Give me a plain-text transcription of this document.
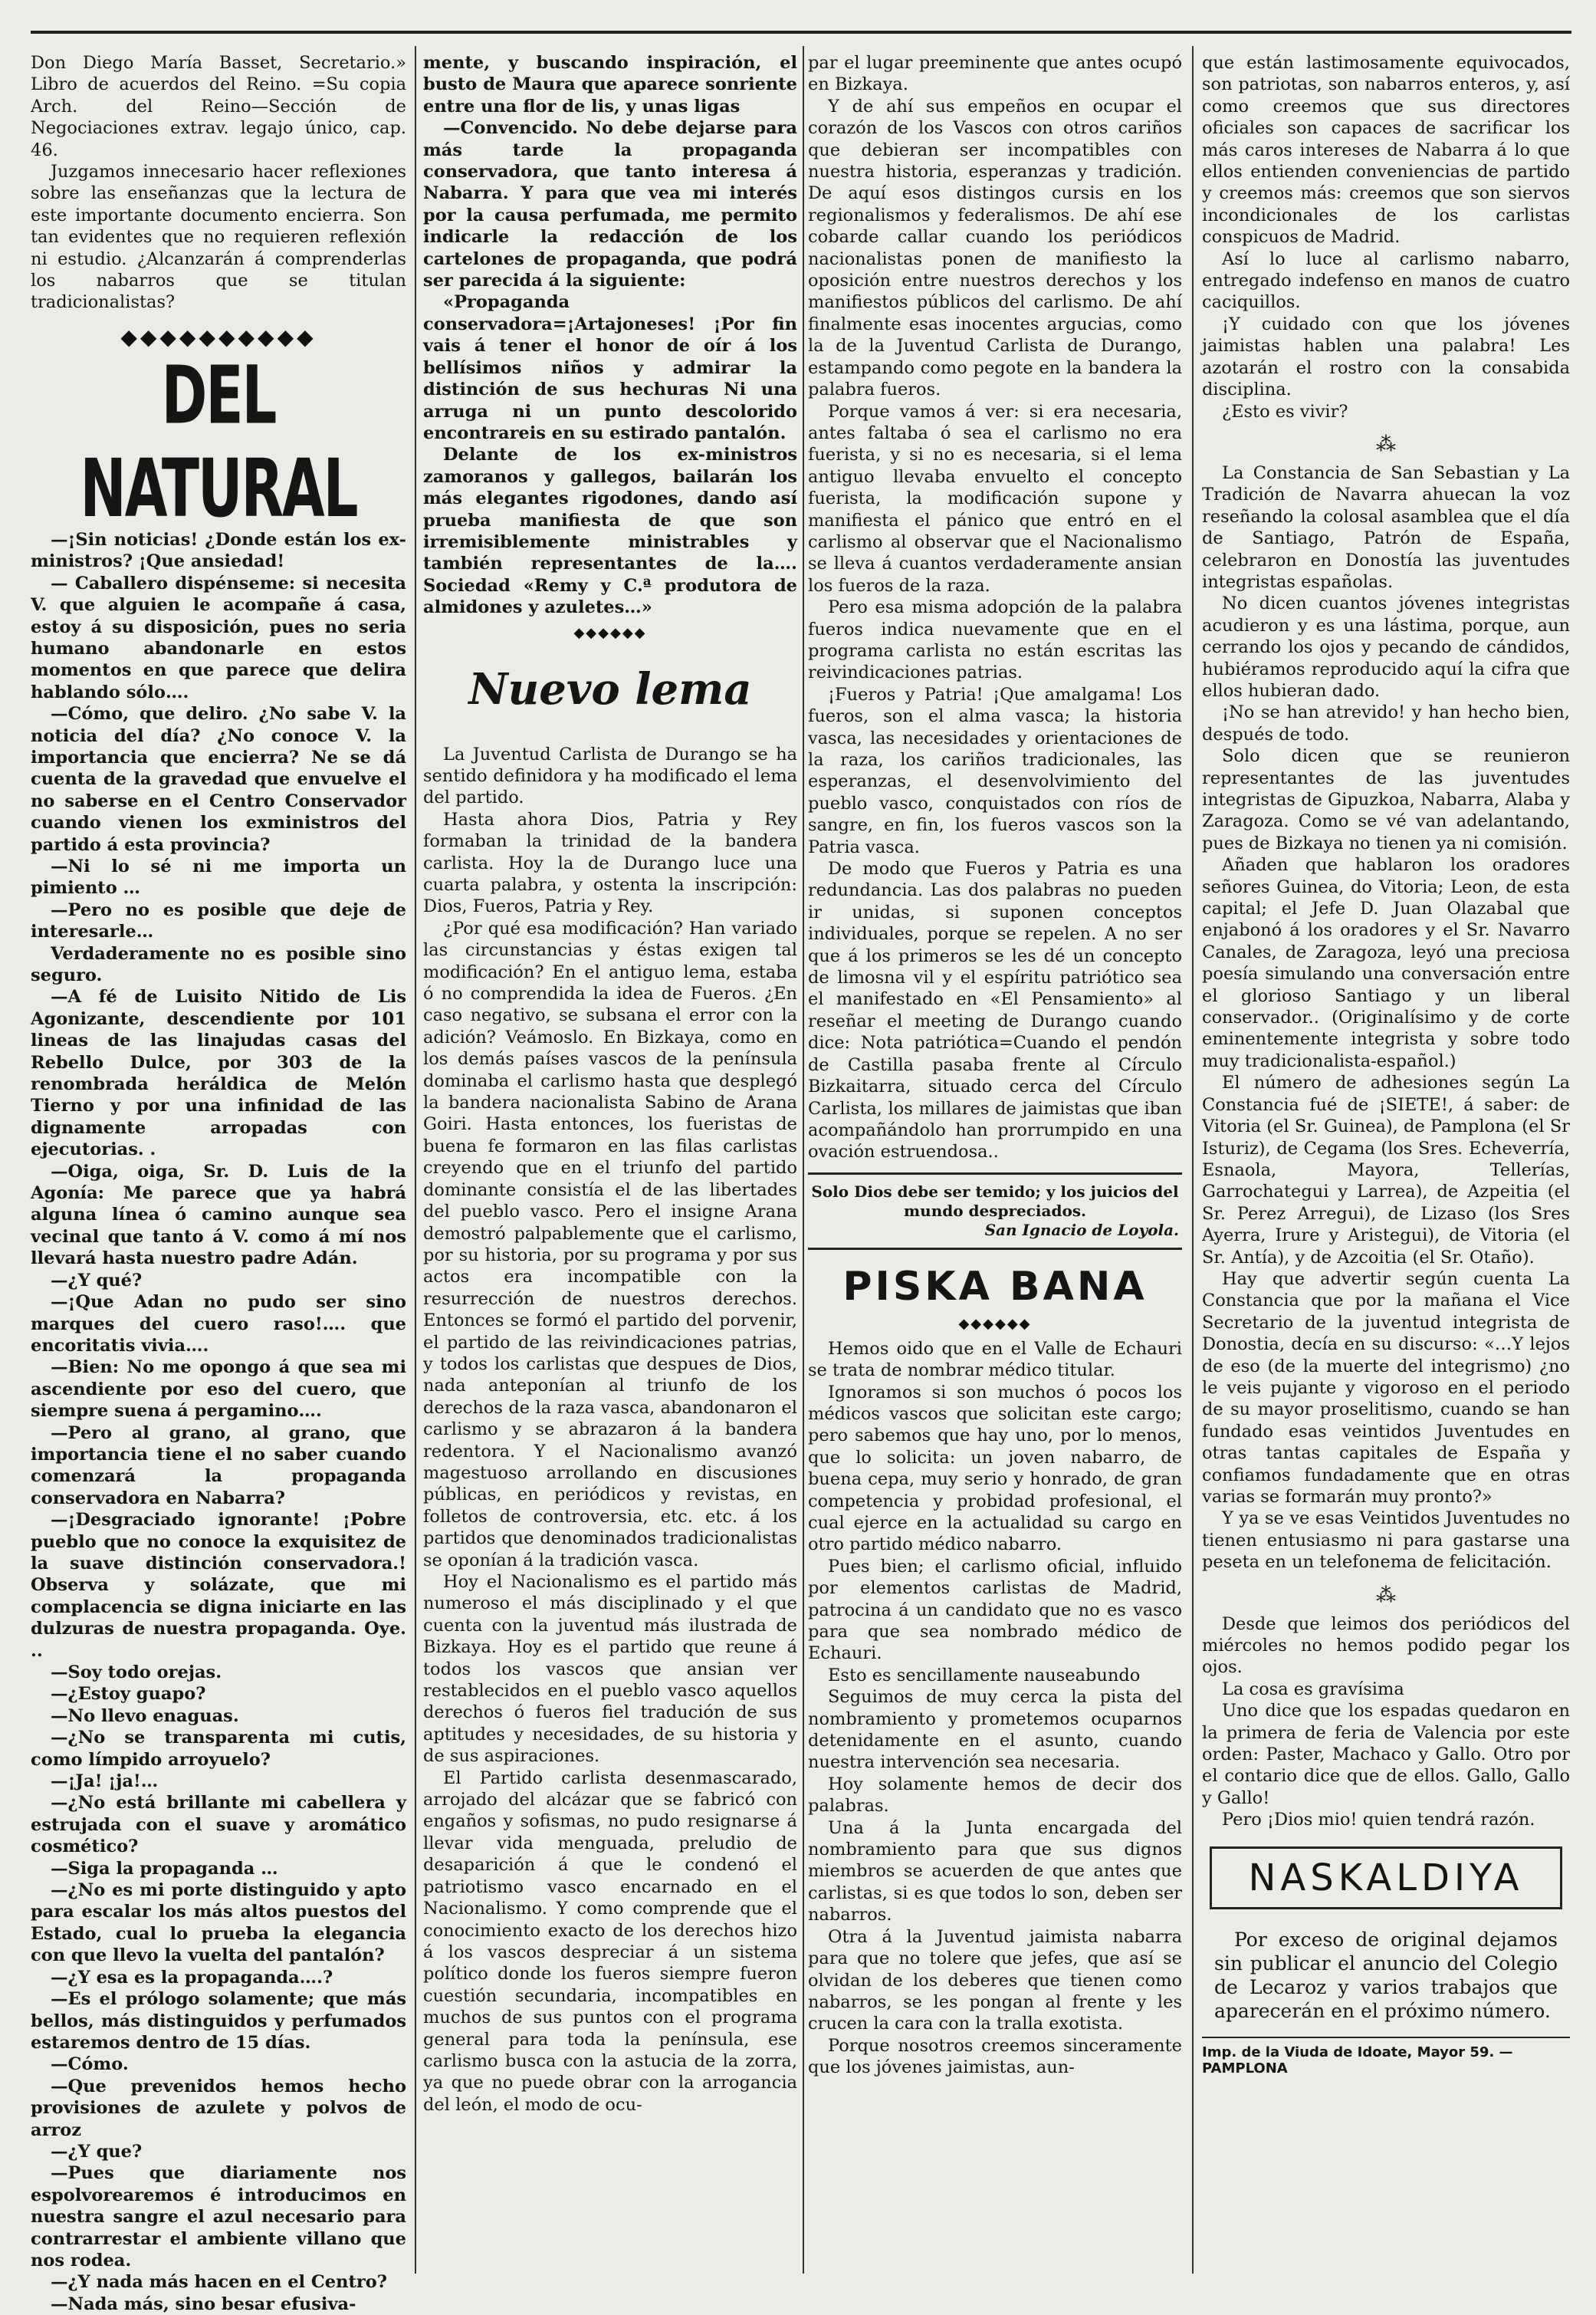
Don Diego María Basset, Secretario.» Libro de acuerdos del Reino. =Su copia Arch. del Reino—Sección de Negociaciones extrav. legajo único, cap. 46.

Juzgamos innecesario hacer reflexiones sobre las enseñanzas que la lectura de este importante documento encierra. Son tan evidentes que no requieren reflexión ni estudio. ¿Alcanzarán á comprenderlas los nabarros que se titulan tradicionalistas?

◆◆◆◆◆◆◆◆◆◆
DEL NATURAL

—¡Sin noticias! ¿Donde están los ex-ministros? ¡Que ansiedad!

— Caballero dispénseme: si necesita V. que alguien le acompañe á casa, estoy á su disposición, pues no seria humano abandonarle en estos momentos en que parece que delira hablando sólo….

—Cómo, que deliro. ¿No sabe V. la noticia del día? ¿No conoce V. la importancia que encierra? Ne se dá cuenta de la gravedad que envuelve el no saberse en el Centro Conservador cuando vienen los exministros del partido á esta provincia?

—Ni lo sé ni me importa un pimiento …

—Pero no es posible que deje de interesarle…

Verdaderamente no es posible sino seguro.

—A fé de Luisito Nitido de Lis Agonizante, descendiente por 101 lineas de las linajudas casas del Rebello Dulce, por 303 de la renombrada heráldica de Melón Tierno y por una infinidad de las dignamente arropadas con ejecutorias. .

—Oiga, oiga, Sr. D. Luis de la Agonía: Me parece que ya habrá alguna línea ó camino aunque sea vecinal que tanto á V. como á mí nos llevará hasta nuestro padre Adán.

—¿Y qué?

—¡Que Adan no pudo ser sino marques del cuero raso!…. que encoritatis vivia….

—Bien: No me opongo á que sea mi ascendiente por eso del cuero, que siempre suena á pergamino….

—Pero al grano, al grano, que importancia tiene el no saber cuando comenzará la propaganda conservadora en Nabarra?

—¡Desgraciado ignorante! ¡Pobre pueblo que no conoce la exquisitez de la suave distinción conservadora.! Observa y solázate, que mi complacencia se digna iniciarte en las dulzuras de nuestra propaganda. Oye. ..

—Soy todo orejas.

—¿Estoy guapo?

—No llevo enaguas.

—¿No se transparenta mi cutis, como límpido arroyuelo?

—¡Ja! ¡ja!…

—¿No está brillante mi cabellera y estrujada con el suave y aromático cosmético?

—Siga la propaganda …

—¿No es mi porte distinguido y apto para escalar los más altos puestos del Estado, cual lo prueba la elegancia con que llevo la vuelta del pantalón?

—¿Y esa es la propaganda….?

—Es el prólogo solamente; que más bellos, más distinguidos y perfumados estaremos dentro de 15 días.

—Cómo.

—Que prevenidos hemos hecho provisiones de azulete y polvos de arroz

—¿Y que?

—Pues que diariamente nos espolvorearemos é introducimos en nuestra sangre el azul necesario para contrarrestar el ambiente villano que nos rodea.

—¿Y nada más hacen en el Centro?

—Nada más, sino besar efusiva-

mente, y buscando inspiración, el busto de Maura que aparece sonriente entre una flor de lis, y unas ligas

—Convencido. No debe dejarse para más tarde la propaganda conservadora, que tanto interesa á Nabarra. Y para que vea mi interés por la causa perfumada, me permito indicarle la redacción de los cartelones de propaganda, que podrá ser parecida á la siguiente:

«Propaganda conservadora=¡Artajoneses! ¡Por fin vais á tener el honor de oír á los bellísimos niños y admirar la distinción de sus hechuras Ni una arruga ni un punto descolorido encontrareis en su estirado pantalón.

Delante de los ex-ministros zamoranos y gallegos, bailarán los más elegantes rigodones, dando así prueba manifiesta de que son irremisiblemente ministrables y también representantes de la…. Sociedad «Remy y C.ª produtora de almidones y azuletes…»

◆◆◆◆◆◆
Nuevo lema

La Juventud Carlista de Durango se ha sentido definidora y ha modificado el lema del partido.

Hasta ahora Dios, Patria y Rey formaban la trinidad de la bandera carlista. Hoy la de Durango luce una cuarta palabra, y ostenta la inscripción: Dios, Fueros, Patria y Rey.

¿Por qué esa modificación? Han variado las circunstancias y éstas exigen tal modificación? En el antiguo lema, estaba ó no comprendida la idea de Fueros. ¿En caso negativo, se subsana el error con la adición? Veámoslo. En Bizkaya, como en los demás países vascos de la península dominaba el carlismo hasta que desplegó la bandera nacionalista Sabino de Arana Goiri. Hasta entonces, los fueristas de buena fe formaron en las filas carlistas creyendo que en el triunfo del partido dominante consistía el de las libertades del pueblo vasco. Pero el insigne Arana demostró palpablemente que el carlismo, por su historia, por su programa y por sus actos era incompatible con la resurrección de nuestros derechos. Entonces se formó el partido del porvenir, el partido de las reivindicaciones patrias, y todos los carlistas que despues de Dios, nada anteponían al triunfo de los derechos de la raza vasca, abandonaron el carlismo y se abrazaron á la bandera redentora. Y el Nacionalismo avanzó magestuoso arrollando en discusiones públicas, en periódicos y revistas, en folletos de controversia, etc. etc. á los partidos que denominados tradicionalistas se oponían á la tradición vasca.

Hoy el Nacionalismo es el partido más numeroso el más disciplinado y el que cuenta con la juventud más ilustrada de Bizkaya. Hoy es el partido que reune á todos los vascos que ansian ver restablecidos en el pueblo vasco aquellos derechos ó fueros fiel tradución de sus aptitudes y necesidades, de su historia y de sus aspiraciones.

El Partido carlista desenmascarado, arrojado del alcázar que se fabricó con engaños y sofismas, no pudo resignarse á llevar vida menguada, preludio de desaparición á que le condenó el patriotismo vasco encarnado en el Nacionalismo. Y como comprende que el conocimiento exacto de los derechos hizo á los vascos despreciar á un sistema político donde los fueros siempre fueron cuestión secundaria, incompatibles en muchos de sus puntos con el programa general para toda la península, ese carlismo busca con la astucia de la zorra, ya que no puede obrar con la arrogancia del león, el modo de ocu-

par el lugar preeminente que antes ocupó en Bizkaya.

Y de ahí sus empeños en ocupar el corazón de los Vascos con otros cariños que debieran ser incompatibles con nuestra historia, esperanzas y tradición. De aquí esos distingos cursis en los regionalismos y federalismos. De ahí ese cobarde callar cuando los periódicos nacionalistas ponen de manifiesto la oposición entre nuestros derechos y los manifiestos públicos del carlismo. De ahí finalmente esas inocentes argucias, como la de la Juventud Carlista de Durango, estampando como pegote en la bandera la palabra fueros.

Porque vamos á ver: si era necesaria, antes faltaba ó sea el carlismo no era fuerista, y si no es necesaria, si el lema antiguo llevaba envuelto el concepto fuerista, la modificación supone y manifiesta el pánico que entró en el carlismo al observar que el Nacionalismo se lleva á cuantos verdaderamente ansian los fueros de la raza.

Pero esa misma adopción de la palabra fueros indica nuevamente que en el programa carlista no están escritas las reivindicaciones patrias.

¡Fueros y Patria! ¡Que amalgama! Los fueros, son el alma vasca; la historia vasca, las necesidades y orientaciones de la raza, los cariños tradicionales, las esperanzas, el desenvolvimiento del pueblo vasco, conquistados con ríos de sangre, en fin, los fueros vascos son la Patria vasca.

De modo que Fueros y Patria es una redundancia. Las dos palabras no pueden ir unidas, si suponen conceptos individuales, porque se repelen. A no ser que á los primeros se les dé un concepto de limosna vil y el espíritu patriótico sea el manifestado en «El Pensamiento» al reseñar el meeting de Durango cuando dice: Nota patriótica=Cuando el pendón de Castilla pasaba frente al Círculo Bizkaitarra, situado cerca del Círculo Carlista, los millares de jaimistas que iban acompañándolo han prorrumpido en una ovación estruendosa..

Solo Dios debe ser temido; y los juicios del mundo despreciados.
San Ignacio de Loyola.
PISKA BANA
◆◆◆◆◆◆

Hemos oido que en el Valle de Echauri se trata de nombrar médico titular.

Ignoramos si son muchos ó pocos los médicos vascos que solicitan este cargo; pero sabemos que hay uno, por lo menos, que lo solicita: un joven nabarro, de buena cepa, muy serio y honrado, de gran competencia y probidad profesional, el cual ejerce en la actualidad su cargo en otro partido médico nabarro.

Pues bien; el carlismo oficial, influido por elementos carlistas de Madrid, patrocina á un candidato que no es vasco para que sea nombrado médico de Echauri.

Esto es sencillamente nauseabundo

Seguimos de muy cerca la pista del nombramiento y prometemos ocuparnos detenidamente en el asunto, cuando nuestra intervención sea necesaria.

Hoy solamente hemos de decir dos palabras.

Una á la Junta encargada del nombramiento para que sus dignos miembros se acuerden de que antes que carlistas, si es que todos lo son, deben ser nabarros.

Otra á la Juventud jaimista nabarra para que no tolere que jefes, que así se olvidan de los deberes que tienen como nabarros, se les pongan al frente y les crucen la cara con la tralla exotista.

Porque nosotros creemos sinceramente que los jóvenes jaimistas, aun-

que están lastimosamente equivocados, son patriotas, son nabarros enteros, y, así como creemos que sus directores oficiales son capaces de sacrificar los más caros intereses de Nabarra á lo que ellos entienden conveniencias de partido y creemos más: creemos que son siervos incondicionales de los carlistas conspicuos de Madrid.

Así lo luce al carlismo nabarro, entregado indefenso en manos de cuatro caciquillos.

¡Y cuidado con que los jóvenes jaimistas hablen una palabra! Les azotarán el rostro con la consabida disciplina.

¿Esto es vivir?

⁂

La Constancia de San Sebastian y La Tradición de Navarra ahuecan la voz reseñando la colosal asamblea que el día de Santiago, Patrón de España, celebraron en Donostía las juventudes integristas españolas.

No dicen cuantos jóvenes integristas acudieron y es una lástima, porque, aun cerrando los ojos y pecando de cándidos, hubiéramos reproducido aquí la cifra que ellos hubieran dado.

¡No se han atrevido! y han hecho bien, después de todo.

Solo dicen que se reunieron representantes de las juventudes integristas de Gipuzkoa, Nabarra, Alaba y Zaragoza. Como se vé van adelantando, pues de Bizkaya no tienen ya ni comisión.

Añaden que hablaron los oradores señores Guinea, do Vitoria; Leon, de esta capital; el Jefe D. Juan Olazabal que enjabonó á los oradores y el Sr. Navarro Canales, de Zaragoza, leyó una preciosa poesía simulando una conversación entre el glorioso Santiago y un liberal conservador.. (Originalísimo y de corte eminentemente integrista y sobre todo muy tradicionalista-español.)

El número de adhesiones según La Constancia fué de ¡SIETE!, á saber: de Vitoria (el Sr. Guinea), de Pamplona (el Sr Isturiz), de Cegama (los Sres. Echeverría, Esnaola, Mayora, Tellerías, Garrochategui y Larrea), de Azpeitia (el Sr. Perez Arregui), de Lizaso (los Sres Ayerra, Irure y Aristegui), de Vitoria (el Sr. Antía), y de Azcoitia (el Sr. Otaño).

Hay que advertir según cuenta La Constancia que por la mañana el Vice Secretario de la juventud integrista de Donostia, decía en su discurso: «…Y lejos de eso (de la muerte del integrismo) ¿no le veis pujante y vigoroso en el periodo de su mayor proselitismo, cuando se han fundado esas veintidos Juventudes en otras tantas capitales de España y confiamos fundadamente que en otras varias se formarán muy pronto?»

Y ya se ve esas Veintidos Juventudes no tienen entusiasmo ni para gastarse una peseta en un telefonema de felicitación.

⁂

Desde que leimos dos periódicos del miércoles no hemos podido pegar los ojos.

La cosa es gravísima

Uno dice que los espadas quedaron en la primera de feria de Valencia por este orden: Paster, Machaco y Gallo. Otro por el contario dice que de ellos. Gallo, Gallo y Gallo!

Pero ¡Dios mio! quien tendrá razón.

NASKALDIYA

Por exceso de original dejamos sin publicar el anuncio del Colegio de Lecaroz y varios trabajos que aparecerán en el próximo número.

Imp. de la Viuda de Idoate, Mayor 59. —PAMPLONA
